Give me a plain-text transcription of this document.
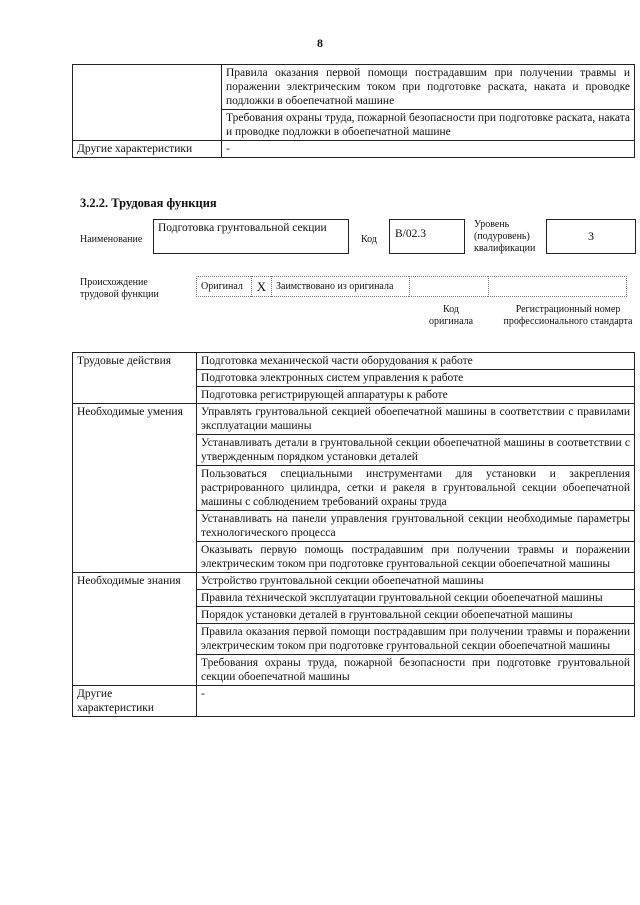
8
	Правила оказания первой помощи пострадавшим при получении травмы и поражении электрическим током при подготовке раската, наката и проводке подложки в обоепечатной машине
	Требования охраны труда, пожарной безопасности при подготовке раската, наката и проводке подложки в обоепечатной машине
Другие характеристики	-
3.2.2. Трудовая функция
Наименование
Подготовка грунтовальной секции
Код	B/02.3
Уровень (подуровень) квалификации
3
Происхождение трудовой функции
Оригинал	X Заимствовано из оригинала
Код оригинала
Регистрационный номер профессионального стандарта
Трудовые действия	Подготовка механической части оборудования к работе
	Подготовка электронных систем управления к работе
	Подготовка регистрирующей аппаратуры к работе
Необходимые умения	Управлять грунтовальной секцией обоепечатной машины в соответствии с правилами эксплуатации машины
	Устанавливать детали в грунтовальной секции обоепечатной машины в соответствии с утвержденным порядком установки деталей
	Пользоваться специальными инструментами для установки и закрепления растрированного цилиндра, сетки и ракеля в грунтовальной секции обоепечатной машины с соблюдением требований охраны труда
	Устанавливать на панели управления грунтовальной секции необходимые параметры технологического процесса
	Оказывать первую помощь пострадавшим при получении травмы и поражении электрическим током при подготовке грунтовальной секции обоепечатной машины
Необходимые знания	Устройство грунтовальной секции обоепечатной машины
	Правила технической эксплуатации грунтовальной секции обоепечатной машины
	Порядок установки деталей в грунтовальной секции обоепечатной машины
	Правила оказания первой помощи пострадавшим при получении травмы и поражении электрическим током при подготовке грунтовальной секции обоепечатной машины
	Требования охраны труда, пожарной безопасности при подготовке грунтовальной секции обоепечатной машины
Другие характеристики	-
